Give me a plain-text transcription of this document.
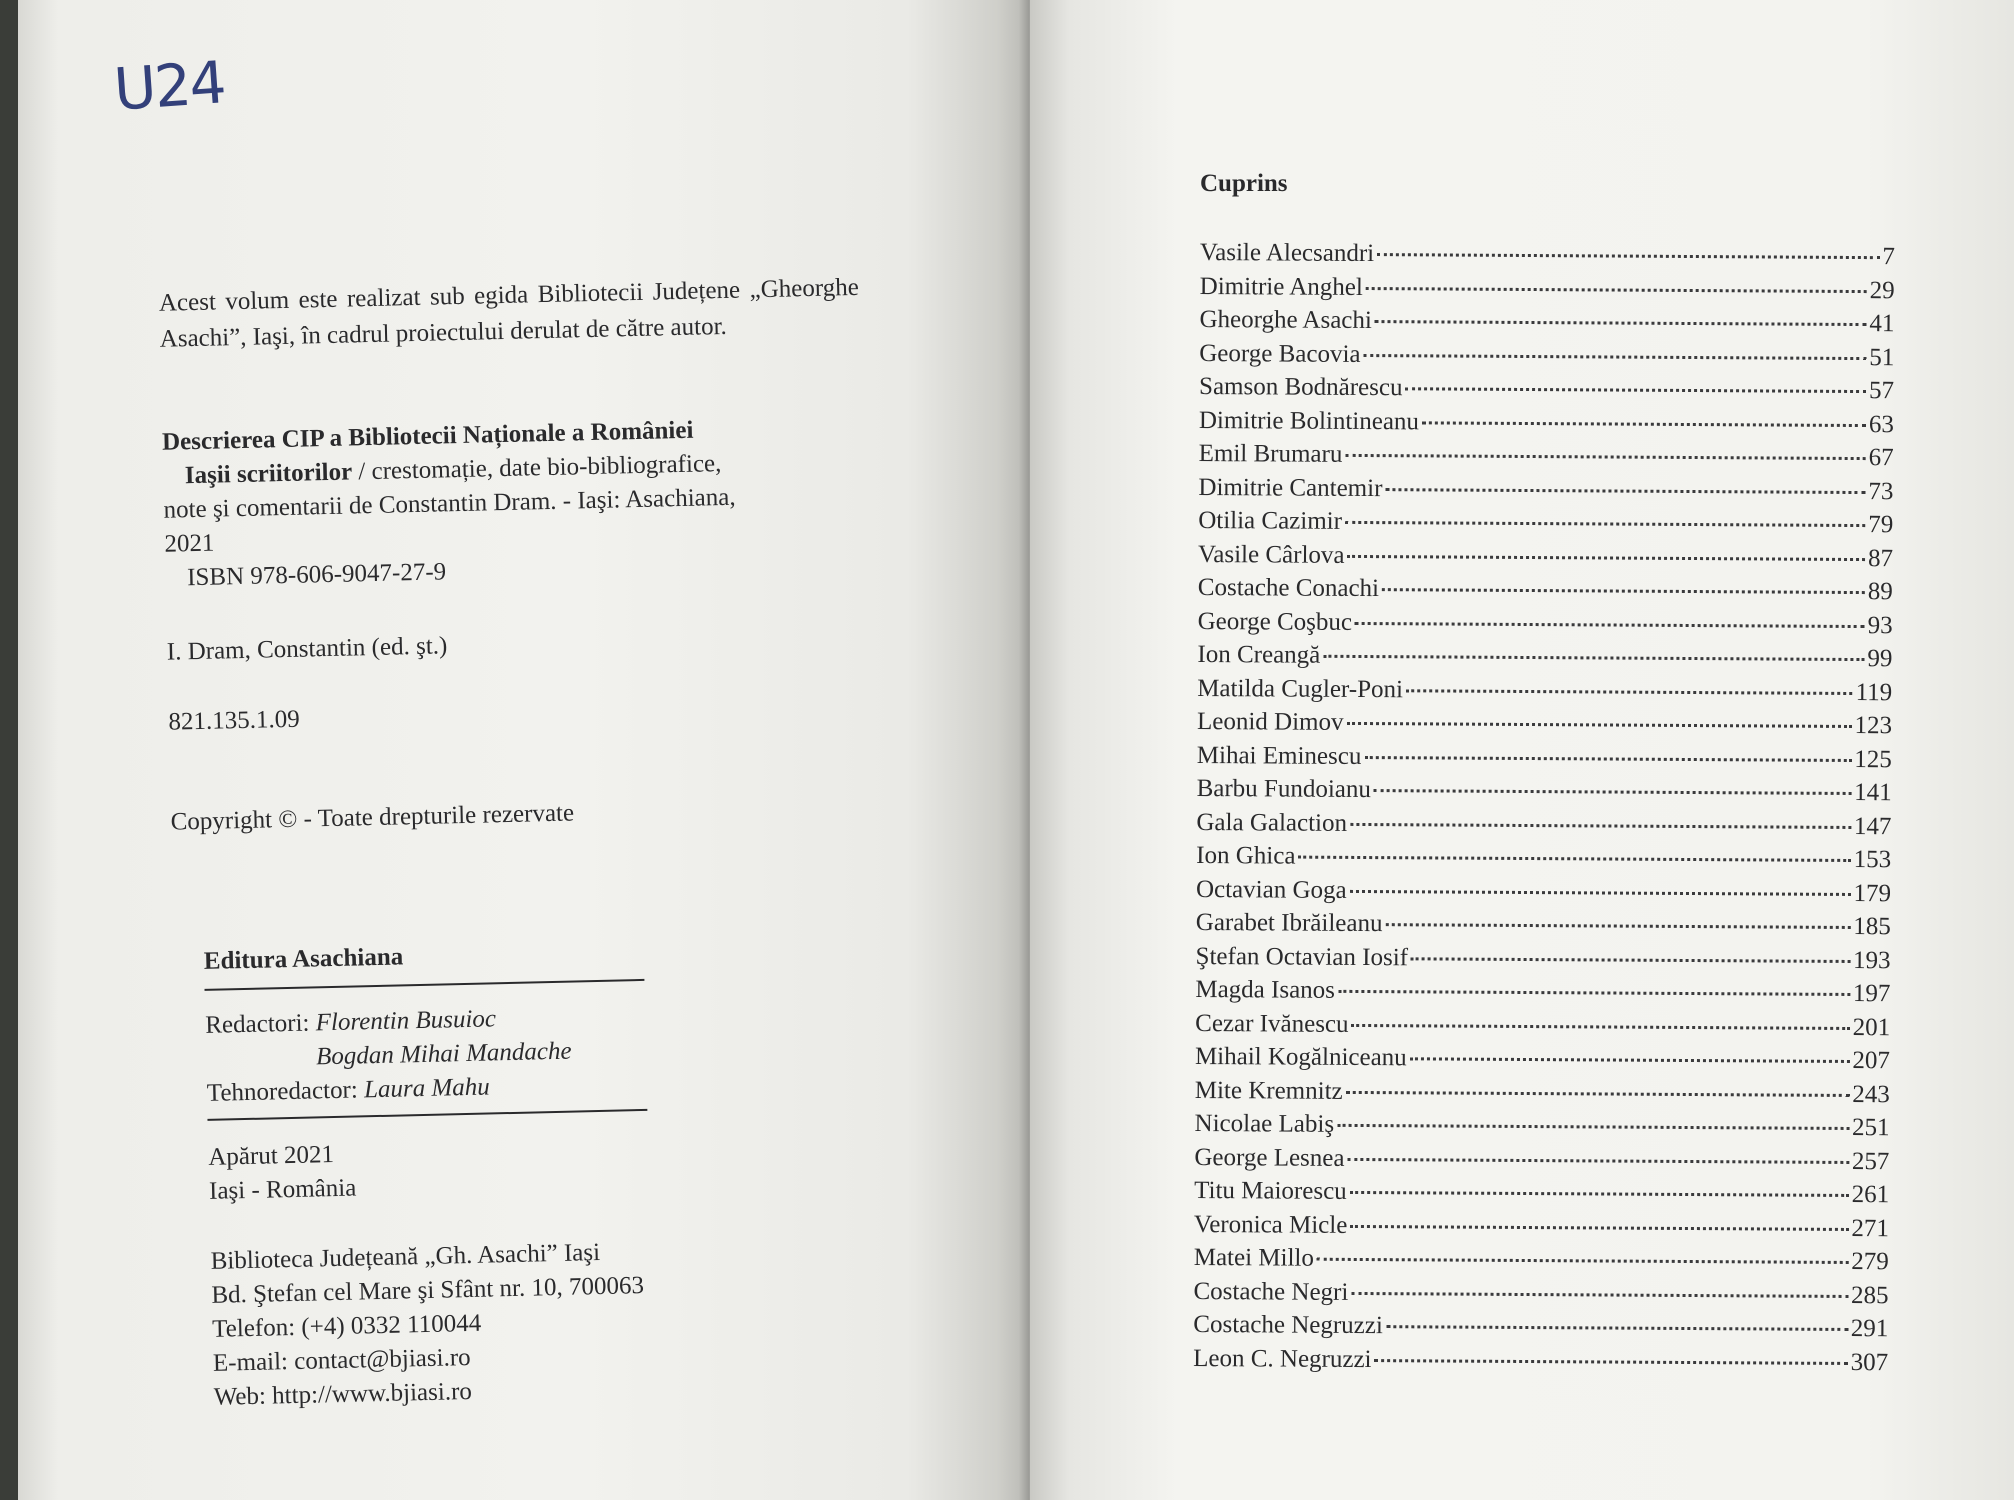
U24
Acest volum este realizat sub egida Bibliotecii Județene „Gheorghe Asachi”, Iaşi, în cadrul proiectului derulat de către autor.
Descrierea CIP a Bibliotecii Naționale a României
Iaşii scriitorilor / crestomație, date bio-bibliografice,
note şi comentarii de Constantin Dram. - Iaşi: Asachiana,
2021
ISBN 978-606-9047-27-9
I. Dram, Constantin (ed. şt.)
821.135.1.09
Copyright © - Toate drepturile rezervate
Editura Asachiana
Redactori: Florentin Busuioc
Bogdan Mihai Mandache
Tehnoredactor: Laura Mahu
Apărut 2021
Iaşi - România
Biblioteca Județeană „Gh. Asachi” Iaşi
Bd. Ştefan cel Mare şi Sfânt nr. 10, 700063
Telefon: (+4) 0332 110044
E-mail: contact@bjiasi.ro
Web: http://www.bjiasi.ro
Cuprins
Vasile Alecsandri	7
Dimitrie Anghel	29
Gheorghe Asachi	41
George Bacovia	51
Samson Bodnărescu	57
Dimitrie Bolintineanu	63
Emil Brumaru	67
Dimitrie Cantemir	73
Otilia Cazimir	79
Vasile Cârlova	87
Costache Conachi	89
George Coşbuc	93
Ion Creangă	99
Matilda Cugler-Poni	119
Leonid Dimov	123
Mihai Eminescu	125
Barbu Fundoianu	141
Gala Galaction	147
Ion Ghica	153
Octavian Goga	179
Garabet Ibrăileanu	185
Ştefan Octavian Iosif	193
Magda Isanos	197
Cezar Ivănescu	201
Mihail Kogălniceanu	207
Mite Kremnitz	243
Nicolae Labiş	251
George Lesnea	257
Titu Maiorescu	261
Veronica Micle	271
Matei Millo	279
Costache Negri	285
Costache Negruzzi	291
Leon C. Negruzzi	307
